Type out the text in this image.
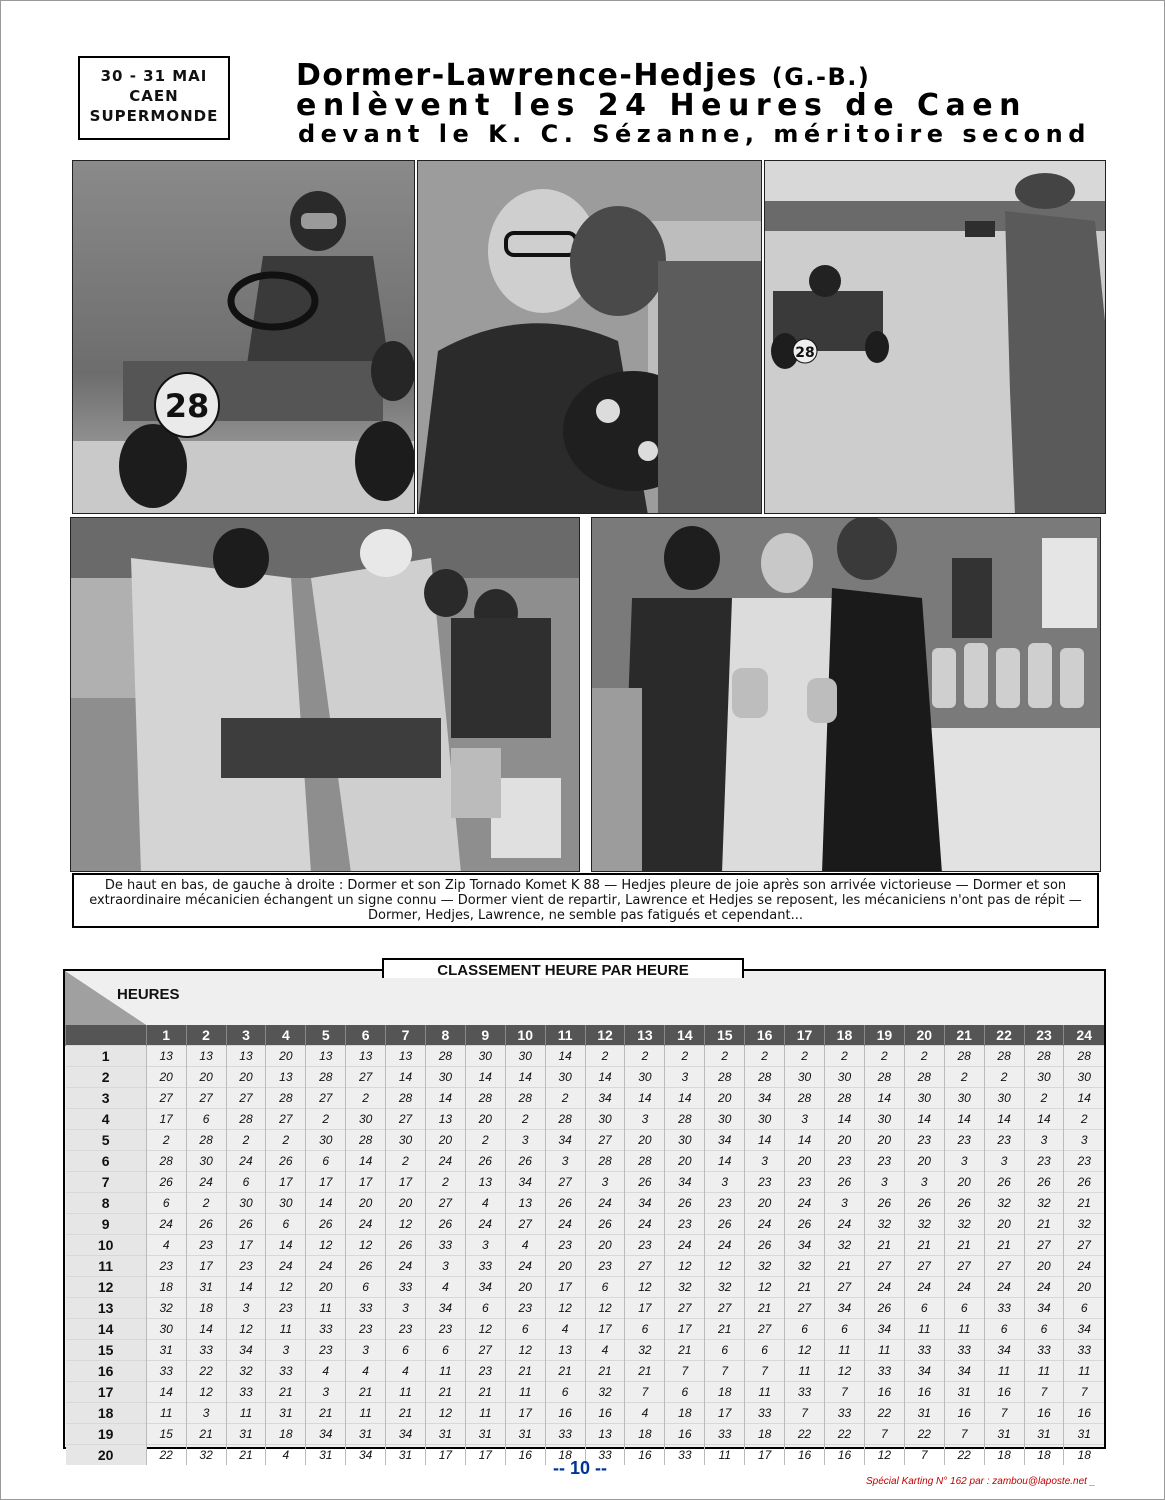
30 - 31 MAI
CAEN
SUPERMONDE
Dormer-Lawrence-Hedjes (G.-B.)
enlèvent les 24 Heures de Caen
devant le K. C. Sézanne, méritoire second
28
28
De haut en bas, de gauche à droite : Dormer et son Zip Tornado Komet K 88 — Hedjes pleure de joie après son arrivée victorieuse — Dormer et son extraordinaire mécanicien échangent un signe connu — Dormer vient de repartir, Lawrence et Hedjes se reposent, les mécaniciens n'ont pas de répit — Dormer, Hedjes, Lawrence, ne semble pas fatigués et cependant...
HEURES
	1	2	3	4	5	6	7	8	9	10	11	12	13	14	15	16	17	18	19	20	21	22	23	24
1	13	13	13	20	13	13	13	28	30	30	14	2	2	2	2	2	2	2	2	2	28	28	28	28
2	20	20	20	13	28	27	14	30	14	14	30	14	30	3	28	28	30	30	28	28	2	2	30	30
3	27	27	27	28	27	2	28	14	28	28	2	34	14	14	20	34	28	28	14	30	30	30	2	14
4	17	6	28	27	2	30	27	13	20	2	28	30	3	28	30	30	3	14	30	14	14	14	14	2
5	2	28	2	2	30	28	30	20	2	3	34	27	20	30	34	14	14	20	20	23	23	23	3	3
6	28	30	24	26	6	14	2	24	26	26	3	28	28	20	14	3	20	23	23	20	3	3	23	23
7	26	24	6	17	17	17	17	2	13	34	27	3	26	34	3	23	23	26	3	3	20	26	26	26
8	6	2	30	30	14	20	20	27	4	13	26	24	34	26	23	20	24	3	26	26	26	32	32	21
9	24	26	26	6	26	24	12	26	24	27	24	26	24	23	26	24	26	24	32	32	32	20	21	32
10	4	23	17	14	12	12	26	33	3	4	23	20	23	24	24	26	34	32	21	21	21	21	27	27
11	23	17	23	24	24	26	24	3	33	24	20	23	27	12	12	32	32	21	27	27	27	27	20	24
12	18	31	14	12	20	6	33	4	34	20	17	6	12	32	32	12	21	27	24	24	24	24	24	20
13	32	18	3	23	11	33	3	34	6	23	12	12	17	27	27	21	27	34	26	6	6	33	34	6
14	30	14	12	11	33	23	23	23	12	6	4	17	6	17	21	27	6	6	34	11	11	6	6	34
15	31	33	34	3	23	3	6	6	27	12	13	4	32	21	6	6	12	11	11	33	33	34	33	33
16	33	22	32	33	4	4	4	11	23	21	21	21	21	7	7	7	11	12	33	34	34	11	11	11
17	14	12	33	21	3	21	11	21	21	11	6	32	7	6	18	11	33	7	16	16	31	16	7	7
18	11	3	11	31	21	11	21	12	11	17	16	16	4	18	17	33	7	33	22	31	16	7	16	16
19	15	21	31	18	34	31	34	31	31	31	33	13	18	16	33	18	22	22	7	22	7	31	31	31
20	22	32	21	4	31	34	31	17	17	16	18	33	16	33	11	17	16	16	12	7	22	18	18	18
CLASSEMENT HEURE PAR HEURE
-- 10 --
Spécial Karting N° 162 par : zambou@laposte.net _
